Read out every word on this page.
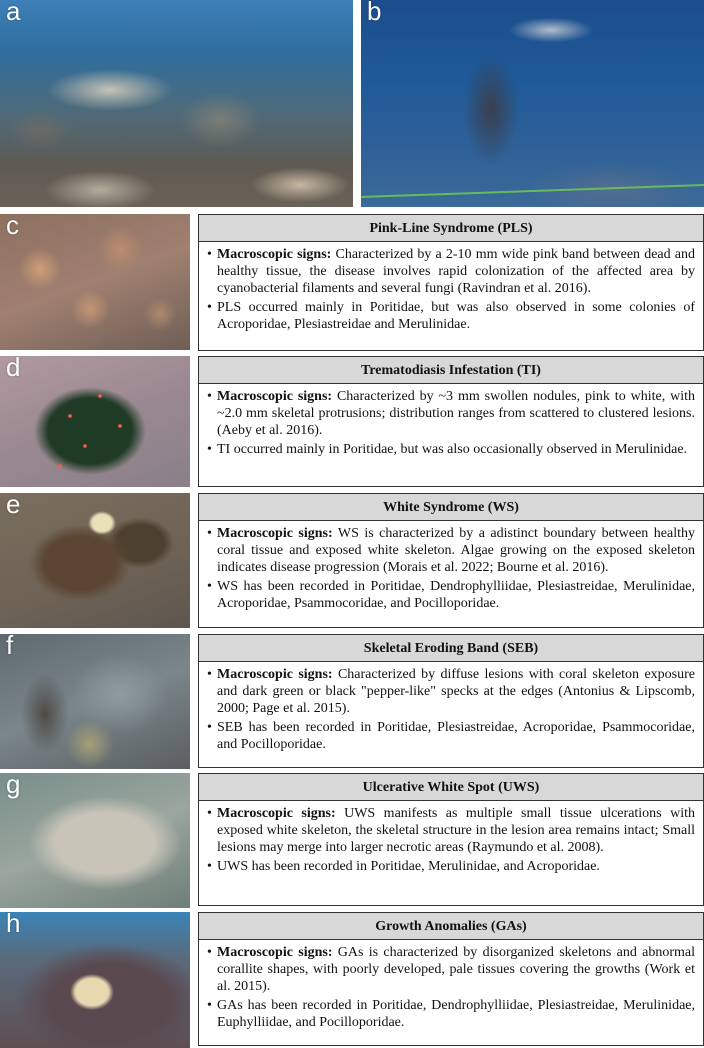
a	b
c	Pink-Line Syndrome (PLS)
• Macroscopic signs: Characterized by a 2-10 mm wide pink band between dead and healthy tissue, the disease involves rapid colonization of the affected area by cyanobacterial filaments and several fungi (Ravindran et al. 2016).
• PLS occurred mainly in Poritidae, but was also observed in some colonies of Acroporidae, Plesiastreidae and Merulinidae.
d	Trematodiasis Infestation (TI)
• Macroscopic signs: Characterized by ~3 mm swollen nodules, pink to white, with ~2.0 mm skeletal protrusions; distribution ranges from scattered to clustered lesions. (Aeby et al. 2016).
• TI occurred mainly in Poritidae, but was also occasionally observed in Merulinidae.
e	White Syndrome (WS)
• Macroscopic signs: WS is characterized by a adistinct boundary between healthy coral tissue and exposed white skeleton. Algae growing on the exposed skeleton indicates disease progression (Morais et al. 2022; Bourne et al. 2016).
• WS has been recorded in Poritidae, Dendrophylliidae, Plesiastreidae, Merulinidae, Acroporidae, Psammocoridae, and Pocilloporidae.
f	Skeletal Eroding Band (SEB)
• Macroscopic signs: Characterized by diffuse lesions with coral skeleton exposure and dark green or black "pepper-like" specks at the edges (Antonius & Lipscomb, 2000; Page et al. 2015).
• SEB has been recorded in Poritidae, Plesiastreidae, Acroporidae, Psammocoridae, and Pocilloporidae.
g	Ulcerative White Spot (UWS)
• Macroscopic signs: UWS manifests as multiple small tissue ulcerations with exposed white skeleton, the skeletal structure in the lesion area remains intact; Small lesions may merge into larger necrotic areas (Raymundo et al. 2008).
• UWS has been recorded in Poritidae, Merulinidae, and Acroporidae.
h	Growth Anomalies (GAs)
• Macroscopic signs: GAs is characterized by disorganized skeletons and abnormal corallite shapes, with poorly developed, pale tissues covering the growths (Work et al. 2015).
• GAs has been recorded in Poritidae, Dendrophylliidae, Plesiastreidae, Merulinidae, Euphylliidae, and Pocilloporidae.
